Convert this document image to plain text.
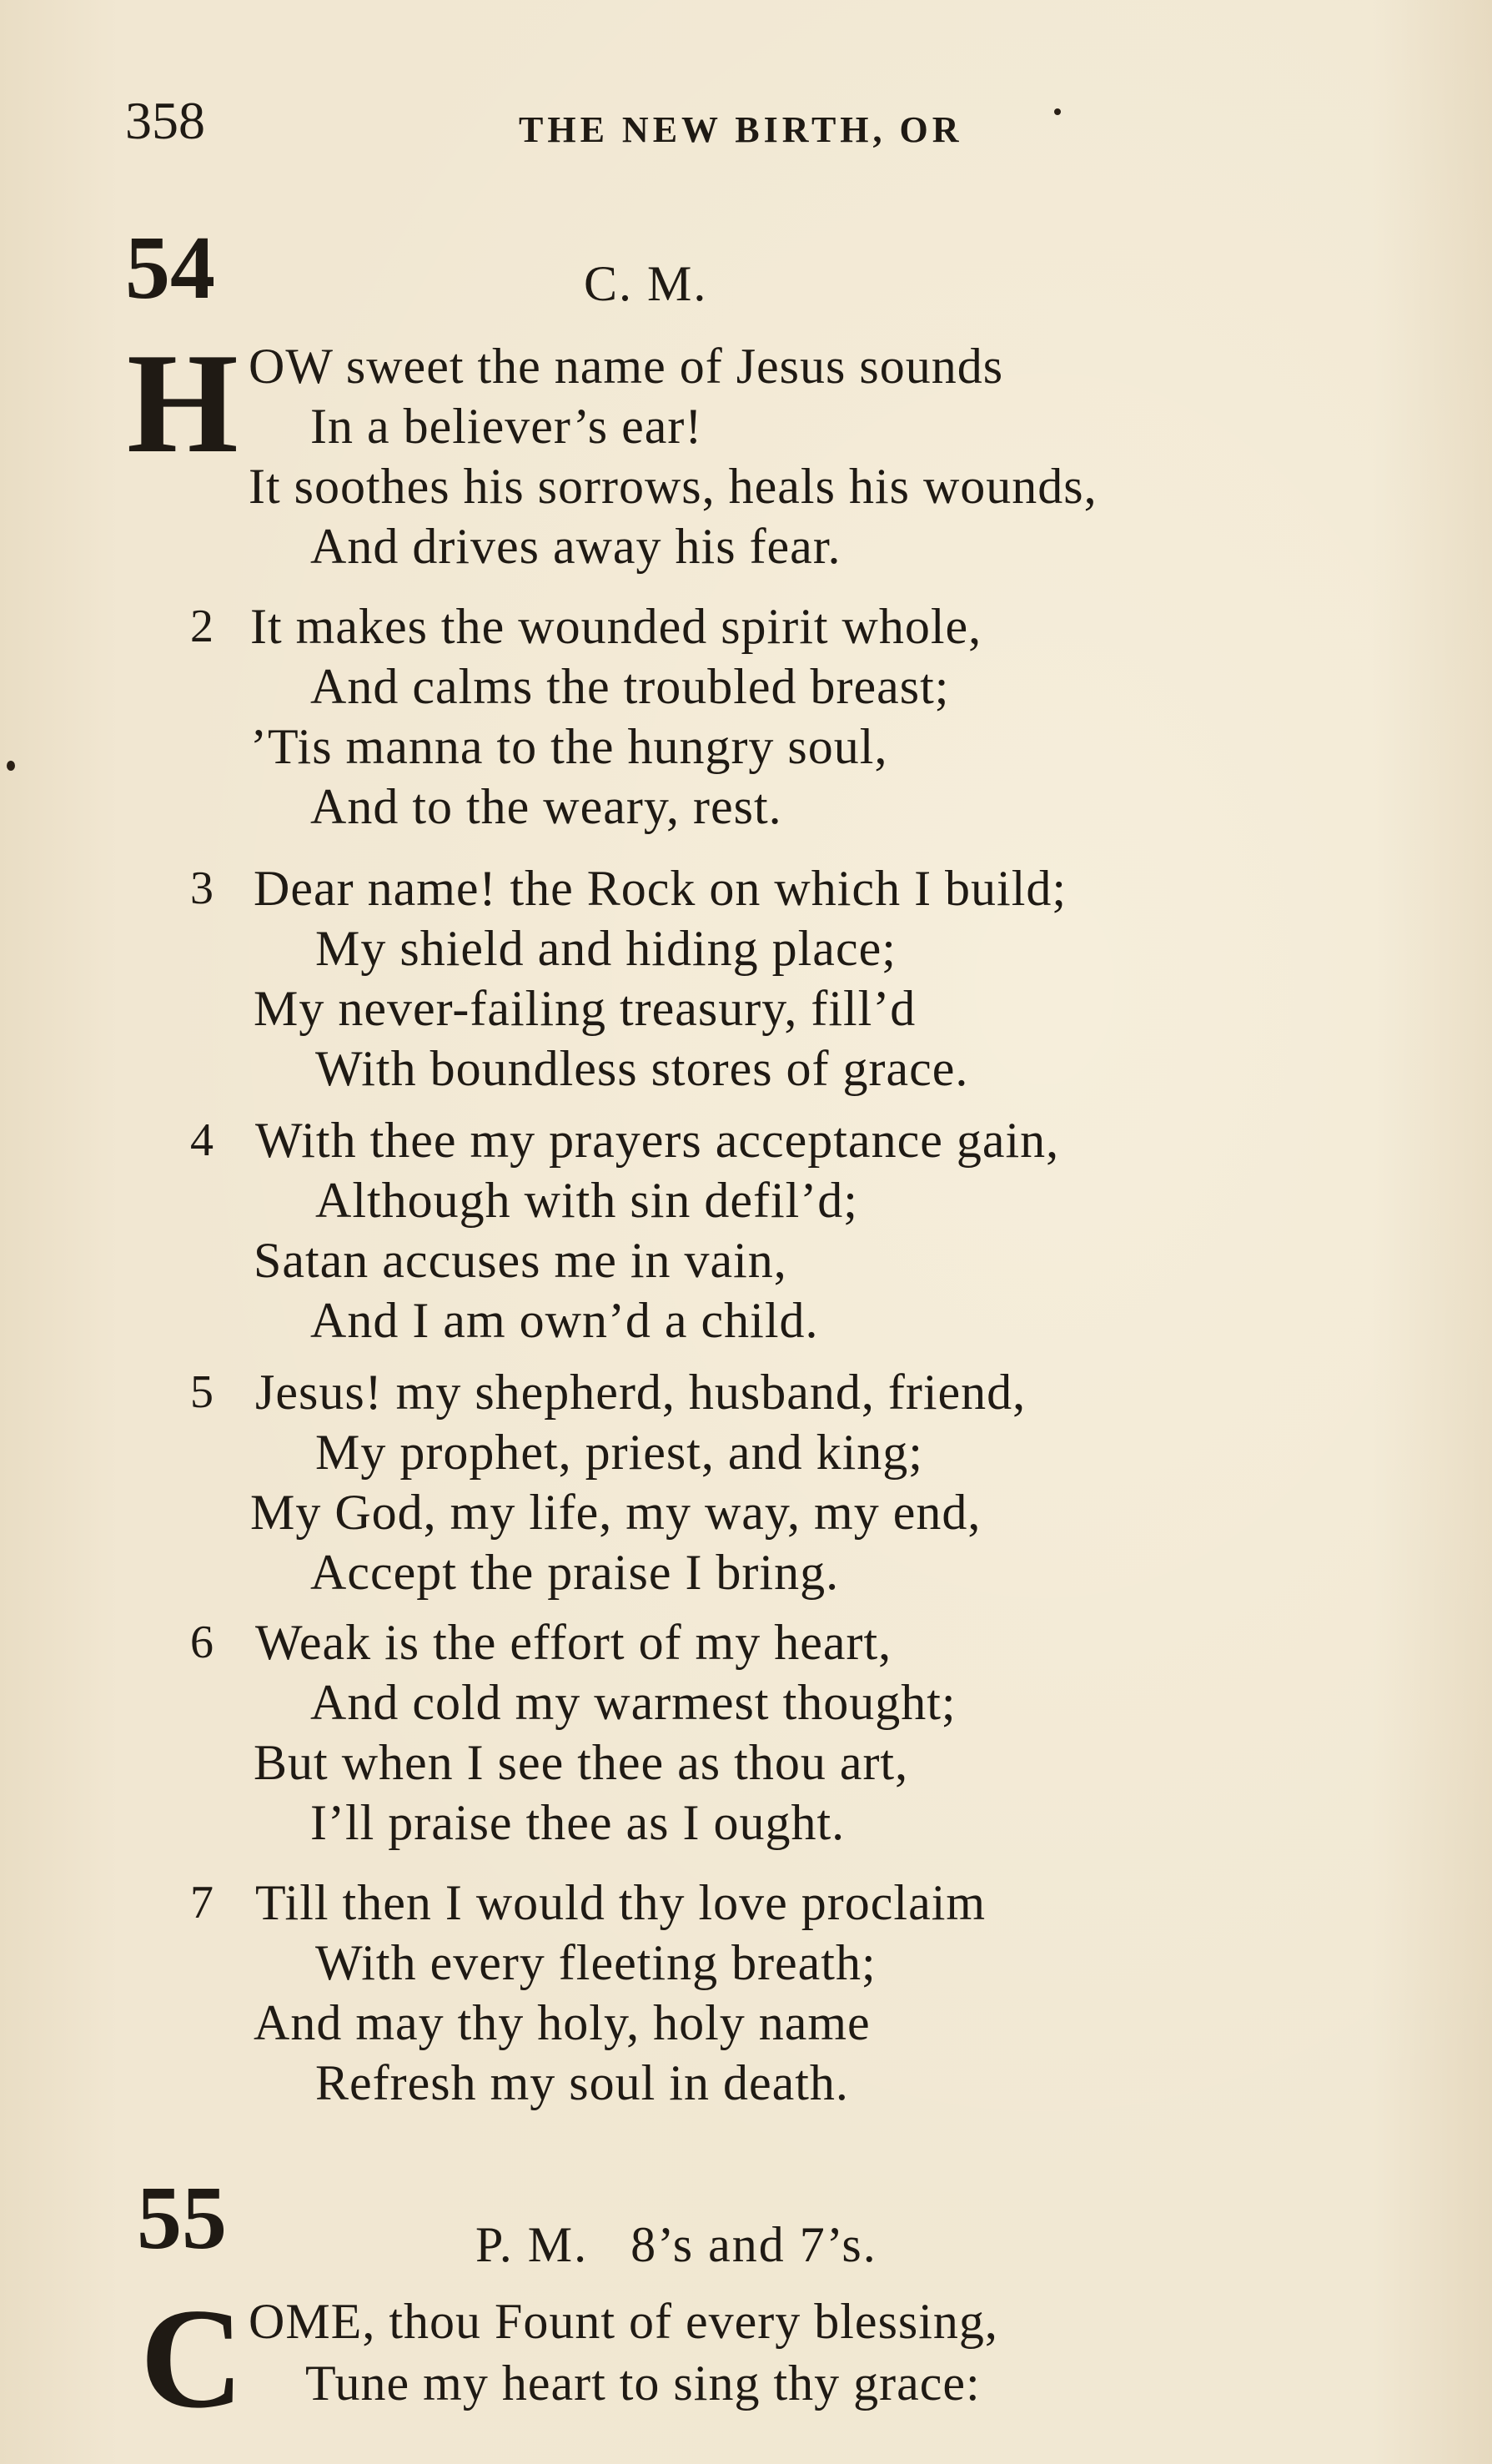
358	THE NEW BIRTH, OR
54	C. M.
H OW sweet the name of Jesus sounds
In a believer’s ear!
It soothes his sorrows, heals his wounds,
And drives away his fear.
2 It makes the wounded spirit whole,
And calms the troubled breast;
’Tis manna to the hungry soul,
And to the weary, rest.
3 Dear name! the Rock on which I build;
My shield and hiding place;
My never-failing treasury, fill’d
With boundless stores of grace.
4 With thee my prayers acceptance gain,
Although with sin defil’d;
Satan accuses me in vain,
And I am own’d a child.
5 Jesus! my shepherd, husband, friend,
My prophet, priest, and king;
My God, my life, my way, my end,
Accept the praise I bring.
6 Weak is the effort of my heart,
And cold my warmest thought;
But when I see thee as thou art,
I’ll praise thee as I ought.
7 Till then I would thy love proclaim
With every fleeting breath;
And may thy holy, holy name
Refresh my soul in death.
55	P. M.   8’s and 7’s.
C OME, thou Fount of every blessing,
Tune my heart to sing thy grace:
